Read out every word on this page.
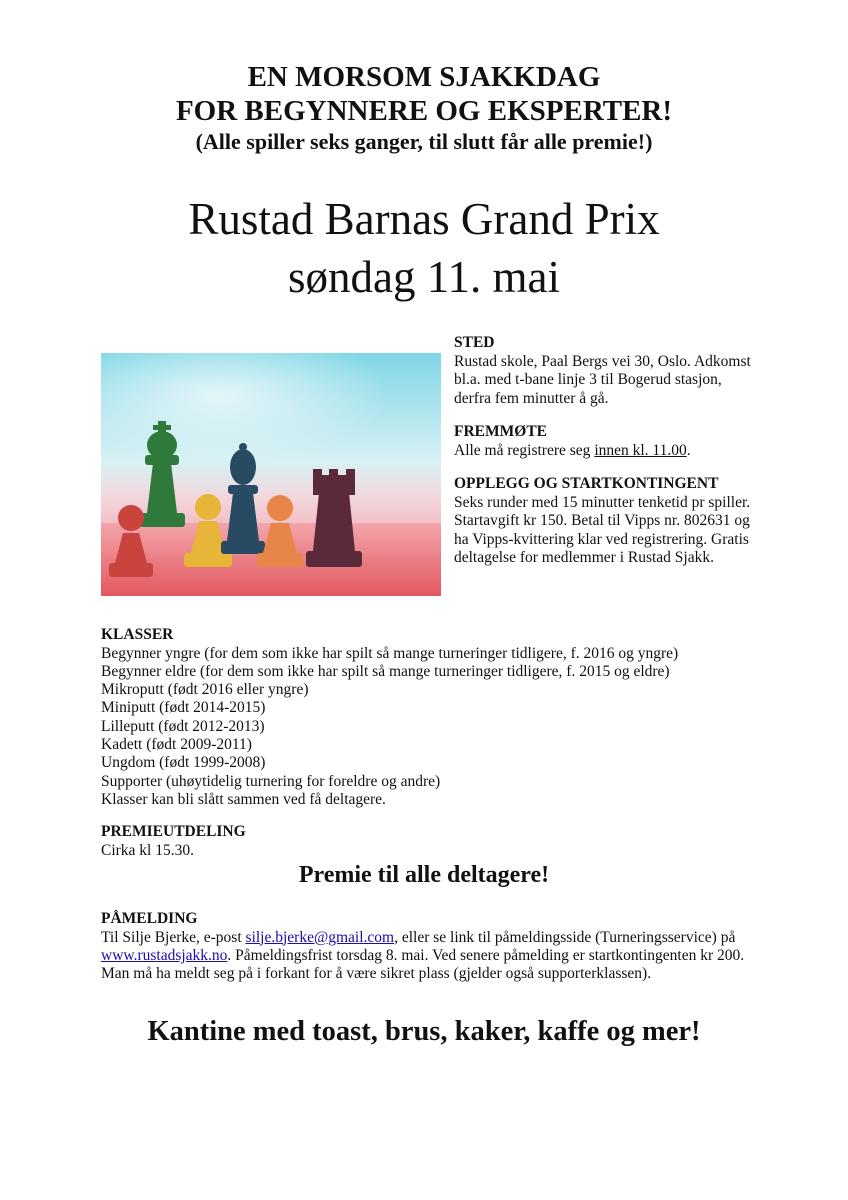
EN MORSOM SJAKKDAG
FOR BEGYNNERE OG EKSPERTER!
(Alle spiller seks ganger, til slutt får alle premie!)
Rustad Barnas Grand Prix
søndag 11. mai
STED

Rustad skole, Paal Bergs vei 30, Oslo. Adkomst bl.a. med t-bane linje 3 til Bogerud stasjon, derfra fem minutter å gå.

FREMMØTE

Alle må registrere seg innen kl. 11.00.

OPPLEGG OG STARTKONTINGENT

Seks runder med 15 minutter tenketid pr spiller. Startavgift kr 150. Betal til Vipps nr. 802631 og ha Vipps-kvittering klar ved registrering. Gratis deltagelse for medlemmer i Rustad Sjakk.

KLASSER
Begynner yngre (for dem som ikke har spilt så mange turneringer tidligere, f. 2016 og yngre)
Begynner eldre (for dem som ikke har spilt så mange turneringer tidligere, f. 2015 og eldre)
Mikroputt (født 2016 eller yngre)
Miniputt (født 2014-2015)
Lilleputt (født 2012-2013)
Kadett (født 2009-2011)
Ungdom (født 1999-2008)
Supporter (uhøytidelig turnering for foreldre og andre)
Klasser kan bli slått sammen ved få deltagere.
PREMIEUTDELING

Cirka kl 15.30.

Premie til alle deltagere!
PÅMELDING

Til Silje Bjerke, e-post silje.bjerke@gmail.com, eller se link til påmeldingsside (Turneringsservice) på www.rustadsjakk.no. Påmeldingsfrist torsdag 8. mai. Ved senere påmelding er startkontingenten kr 200. Man må ha meldt seg på i forkant for å være sikret plass (gjelder også supporterklassen).

Kantine med toast, brus, kaker, kaffe og mer!
